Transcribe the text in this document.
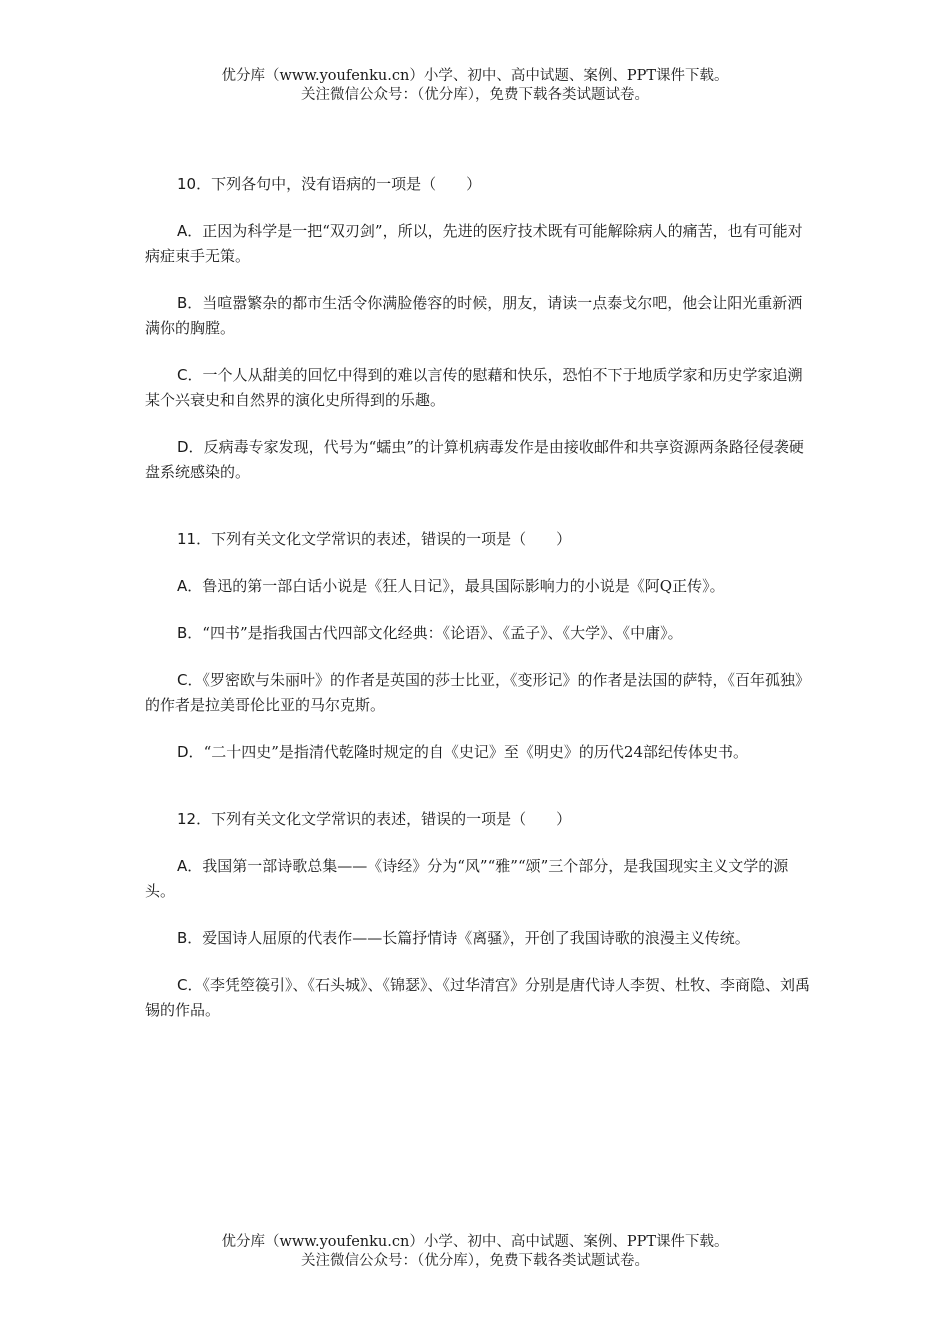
优分库（www.youfenku.cn）小学、初中、高中试题、案例、PPT课件下载。
关注微信公众号：（优分库），免费下载各类试题试卷。

10．下列各句中，没有语病的一项是（　　）

A．正因为科学是一把“双刃剑”，所以，先进的医疗技术既有可能解除病人的痛苦，也有可能对病症束手无策。

B．当喧嚣繁杂的都市生活令你满脸倦容的时候，朋友，请读一点泰戈尔吧，他会让阳光重新洒满你的胸膛。

C．一个人从甜美的回忆中得到的难以言传的慰藉和快乐，恐怕不下于地质学家和历史学家追溯某个兴衰史和自然界的演化史所得到的乐趣。

D．反病毒专家发现，代号为“蠕虫”的计算机病毒发作是由接收邮件和共享资源两条路径侵袭硬盘系统感染的。

11．下列有关文化文学常识的表述，错误的一项是（　　）

A．鲁迅的第一部白话小说是《狂人日记》，最具国际影响力的小说是《阿Q正传》。

B．“四书”是指我国古代四部文化经典：《论语》、《孟子》、《大学》、《中庸》。

C．《罗密欧与朱丽叶》的作者是英国的莎士比亚，《变形记》的作者是法国的萨特，《百年孤独》的作者是拉美哥伦比亚的马尔克斯。

D．“二十四史”是指清代乾隆时规定的自《史记》至《明史》的历代24部纪传体史书。

12．下列有关文化文学常识的表述，错误的一项是（　　）

A．我国第一部诗歌总集——《诗经》分为“风”“雅”“颂”三个部分，是我国现实主义文学的源头。

B．爱国诗人屈原的代表作——长篇抒情诗《离骚》，开创了我国诗歌的浪漫主义传统。

C．《李凭箜篌引》、《石头城》、《锦瑟》、《过华清宫》分别是唐代诗人李贺、杜牧、李商隐、刘禹锡的作品。

优分库（www.youfenku.cn）小学、初中、高中试题、案例、PPT课件下载。
关注微信公众号：（优分库），免费下载各类试题试卷。
